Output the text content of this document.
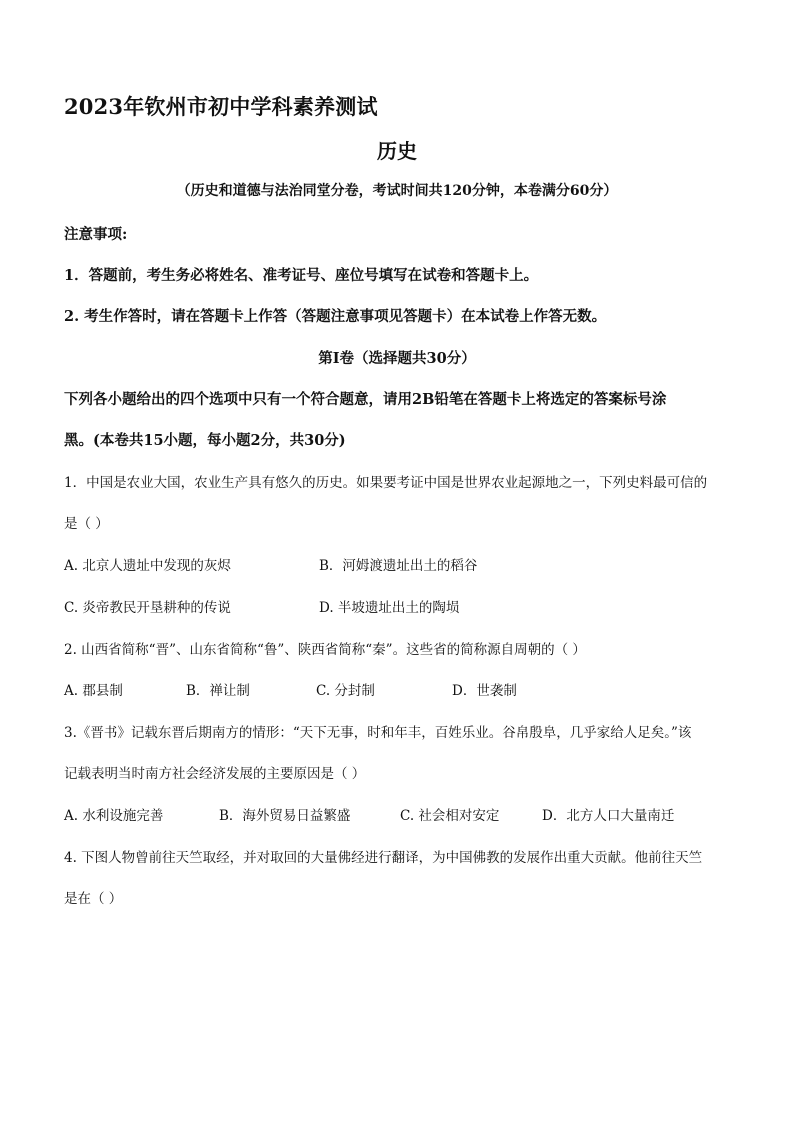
2023年钦州市初中学科素养测试
历史
（历史和道德与法治同堂分卷，考试时间共120分钟，本卷满分60分）
注意事项:
1．答题前，考生务必将姓名、准考证号、座位号填写在试卷和答题卡上。
2. 考生作答时，请在答题卡上作答（答题注意事项见答题卡）在本试卷上作答无数。
第Ⅰ卷（选择题共30分）
下列各小题给出的四个选项中只有一个符合题意，请用2B铅笔在答题卡上将选定的答案标号涂
黑。(本卷共15小题，每小题2分，共30分)
1．中国是农业大国，农业生产具有悠久的历史。如果要考证中国是世界农业起源地之一，下列史料最可信的
是（ ）
A. 北京人遗址中发现的灰烬	B．河姆渡遗址出土的稻谷
C. 炎帝教民开垦耕种的传说	D. 半坡遗址出土的陶埙
2. 山西省简称“晋”、山东省简称“鲁”、陕西省简称“秦”。这些省的简称源自周朝的（ ）
A. 郡县制	B．禅让制	C. 分封制	D．世袭制
3.《晋书》记载东晋后期南方的情形：“天下无事，时和年丰，百姓乐业。谷帛殷阜，几乎家给人足矣。”该
记载表明当时南方社会经济发展的主要原因是（ ）
A. 水利设施完善	B．海外贸易日益繁盛	C. 社会相对安定	D．北方人口大量南迁
4. 下图人物曾前往天竺取经，并对取回的大量佛经进行翻译，为中国佛教的发展作出重大贡献。他前往天竺
是在（ ）
